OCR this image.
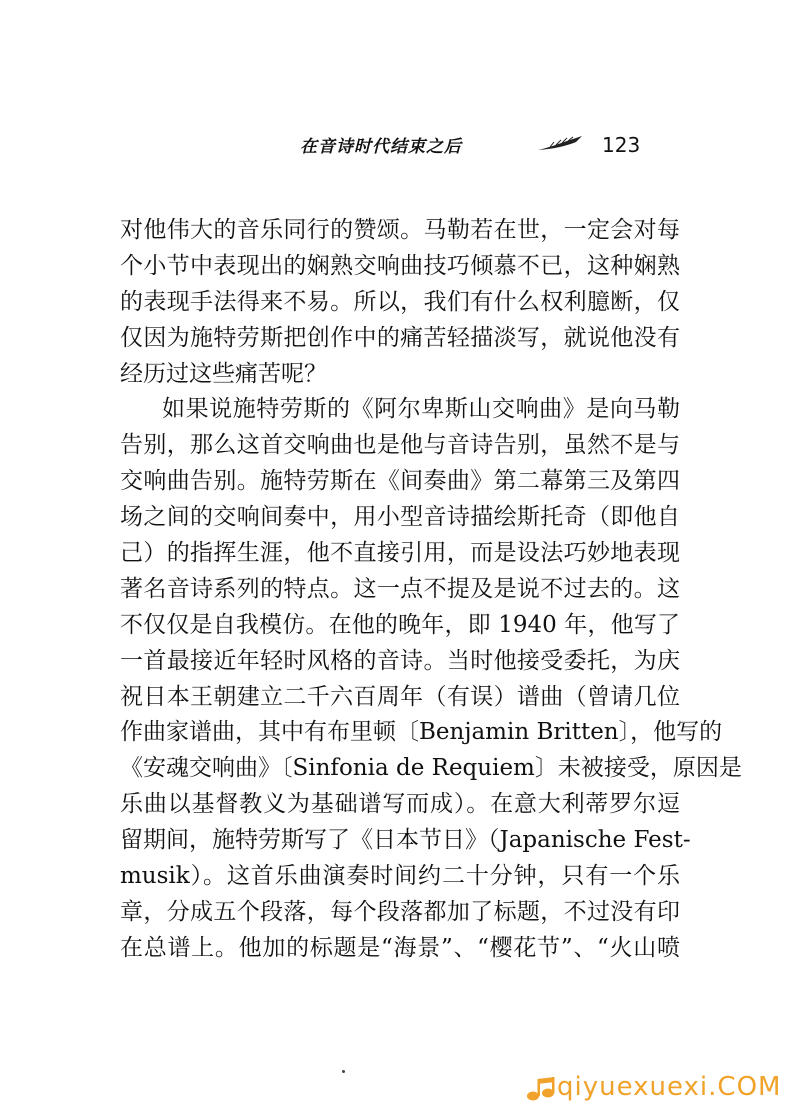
在音诗时代结束之后	123
对他伟大的音乐同行的赞颂。马勒若在世，一定会对每
个小节中表现出的娴熟交响曲技巧倾慕不已，这种娴熟
的表现手法得来不易。所以，我们有什么权利臆断，仅
仅因为施特劳斯把创作中的痛苦轻描淡写，就说他没有
经历过这些痛苦呢？
如果说施特劳斯的《阿尔卑斯山交响曲》是向马勒
告别，那么这首交响曲也是他与音诗告别，虽然不是与
交响曲告别。施特劳斯在《间奏曲》第二幕第三及第四
场之间的交响间奏中，用小型音诗描绘斯托奇（即他自
己）的指挥生涯，他不直接引用，而是设法巧妙地表现
著名音诗系列的特点。这一点不提及是说不过去的。这
不仅仅是自我模仿。在他的晚年，即 1940 年，他写了
一首最接近年轻时风格的音诗。当时他接受委托，为庆
祝日本王朝建立二千六百周年（有误）谱曲（曾请几位
作曲家谱曲，其中有布里顿〔Benjamin Britten〕，他写的
《安魂交响曲》〔Sinfonia de Requiem〕未被接受，原因是
乐曲以基督教义为基础谱写而成）。在意大利蒂罗尔逗
留期间，施特劳斯写了《日本节日》（Japanische Fest-
musik）。这首乐曲演奏时间约二十分钟，只有一个乐
章，分成五个段落，每个段落都加了标题，不过没有印
在总谱上。他加的标题是“海景”、“樱花节”、“火山喷
qiyuexuexi.COM
